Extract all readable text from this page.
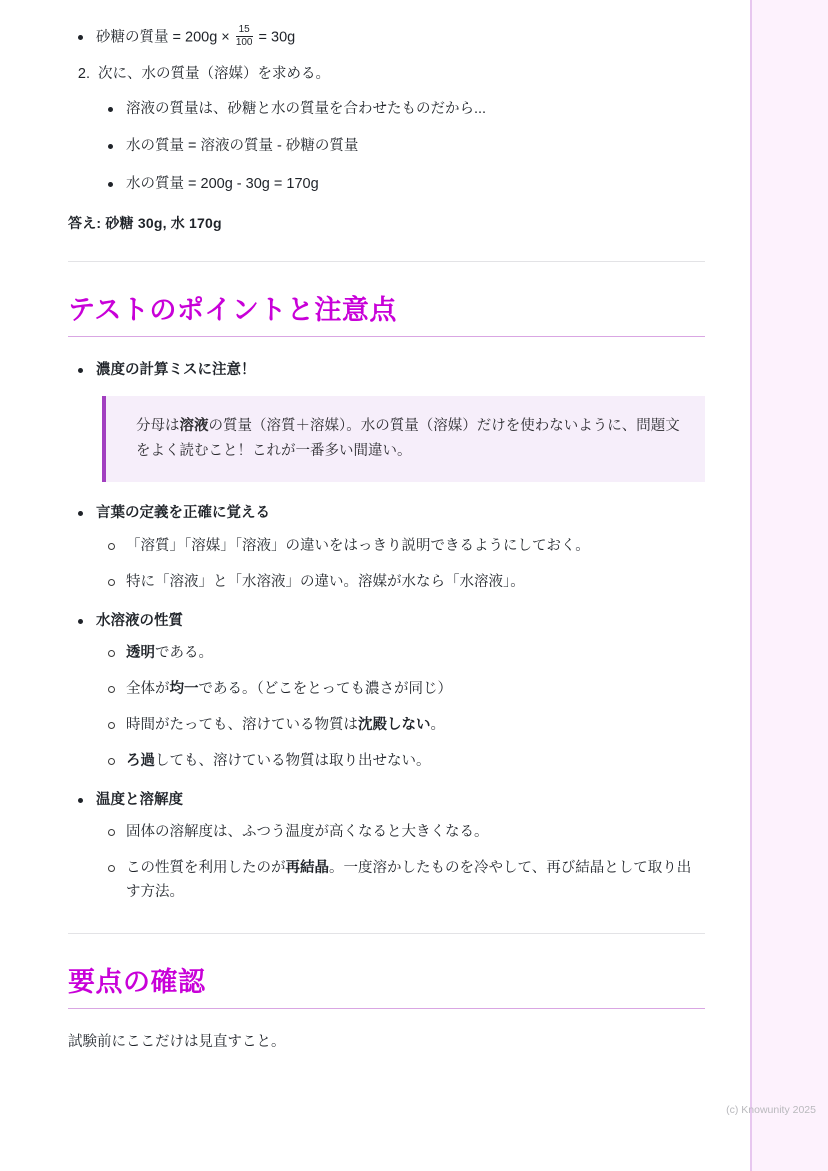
(c) Knowunity 2025
砂糖の質量 = $200g \times \frac{15}{100} = 30g$
2. 次に、水の質量（溶媒）を求める。
溶液の質量は、砂糖と水の質量を合わせたものだから...
水の質量 = 溶液の質量 - 砂糖の質量
水の質量 = 200g - 30g = 170g

答え: 砂糖 30g, 水 170g

テストのポイントと注意点
濃度の計算ミスに注意！
分母は溶液の質量（溶質＋溶媒）。水の質量（溶媒）だけを使わないように、問題文をよく読むこと！これが一番多い間違い。
言葉の定義を正確に覚える
「溶質」「溶媒」「溶液」の違いをはっきり説明できるようにしておく。
特に「溶液」と「水溶液」の違い。溶媒が水なら「水溶液」。
水溶液の性質
透明である。
全体が均一である。（どこをとっても濃さが同じ）
時間がたっても、溶けている物質は沈殿しない。
ろ過しても、溶けている物質は取り出せない。
温度と溶解度
固体の溶解度は、ふつう温度が高くなると大きくなる。
この性質を利用したのが再結晶。一度溶かしたものを冷やして、再び結晶として取り出す方法。
要点の確認

試験前にここだけは見直すこと。
